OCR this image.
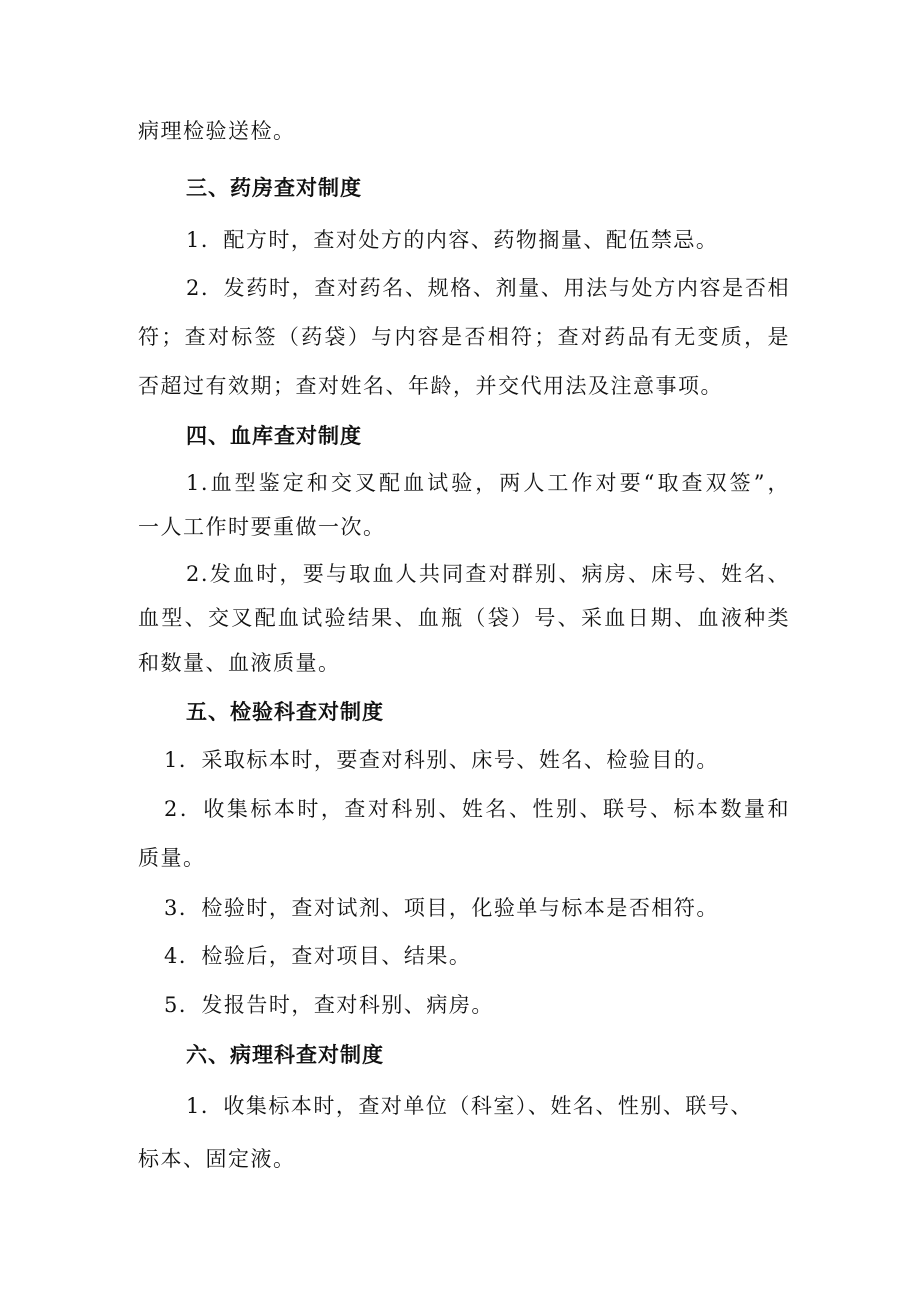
病理检验送检。
三、药房查对制度
1．配方时，查对处方的内容、药物搁量、配伍禁忌。
2．发药时，查对药名、规格、剂量、用法与处方内容是否相
符；查对标签（药袋）与内容是否相符；查对药品有无变质，是
否超过有效期；查对姓名、年龄，并交代用法及注意事项。
四、血库查对制度
1.血型鉴定和交叉配血试验，两人工作对要“取查双签”，
一人工作时要重做一次。
2.发血时，要与取血人共同查对群别、病房、床号、姓名、
血型、交叉配血试验结果、血瓶（袋）号、采血日期、血液种类
和数量、血液质量。
五、检验科查对制度
1．采取标本时，要查对科别、床号、姓名、检验目的。
2．收集标本时，查对科别、姓名、性别、联号、标本数量和
质量。
3．检验时，查对试剂、项目，化验单与标本是否相符。
4．检验后，查对项目、结果。
5．发报告时，查对科别、病房。
六、病理科查对制度
1．收集标本时，查对单位（科室）、姓名、性别、联号、
标本、固定液。
